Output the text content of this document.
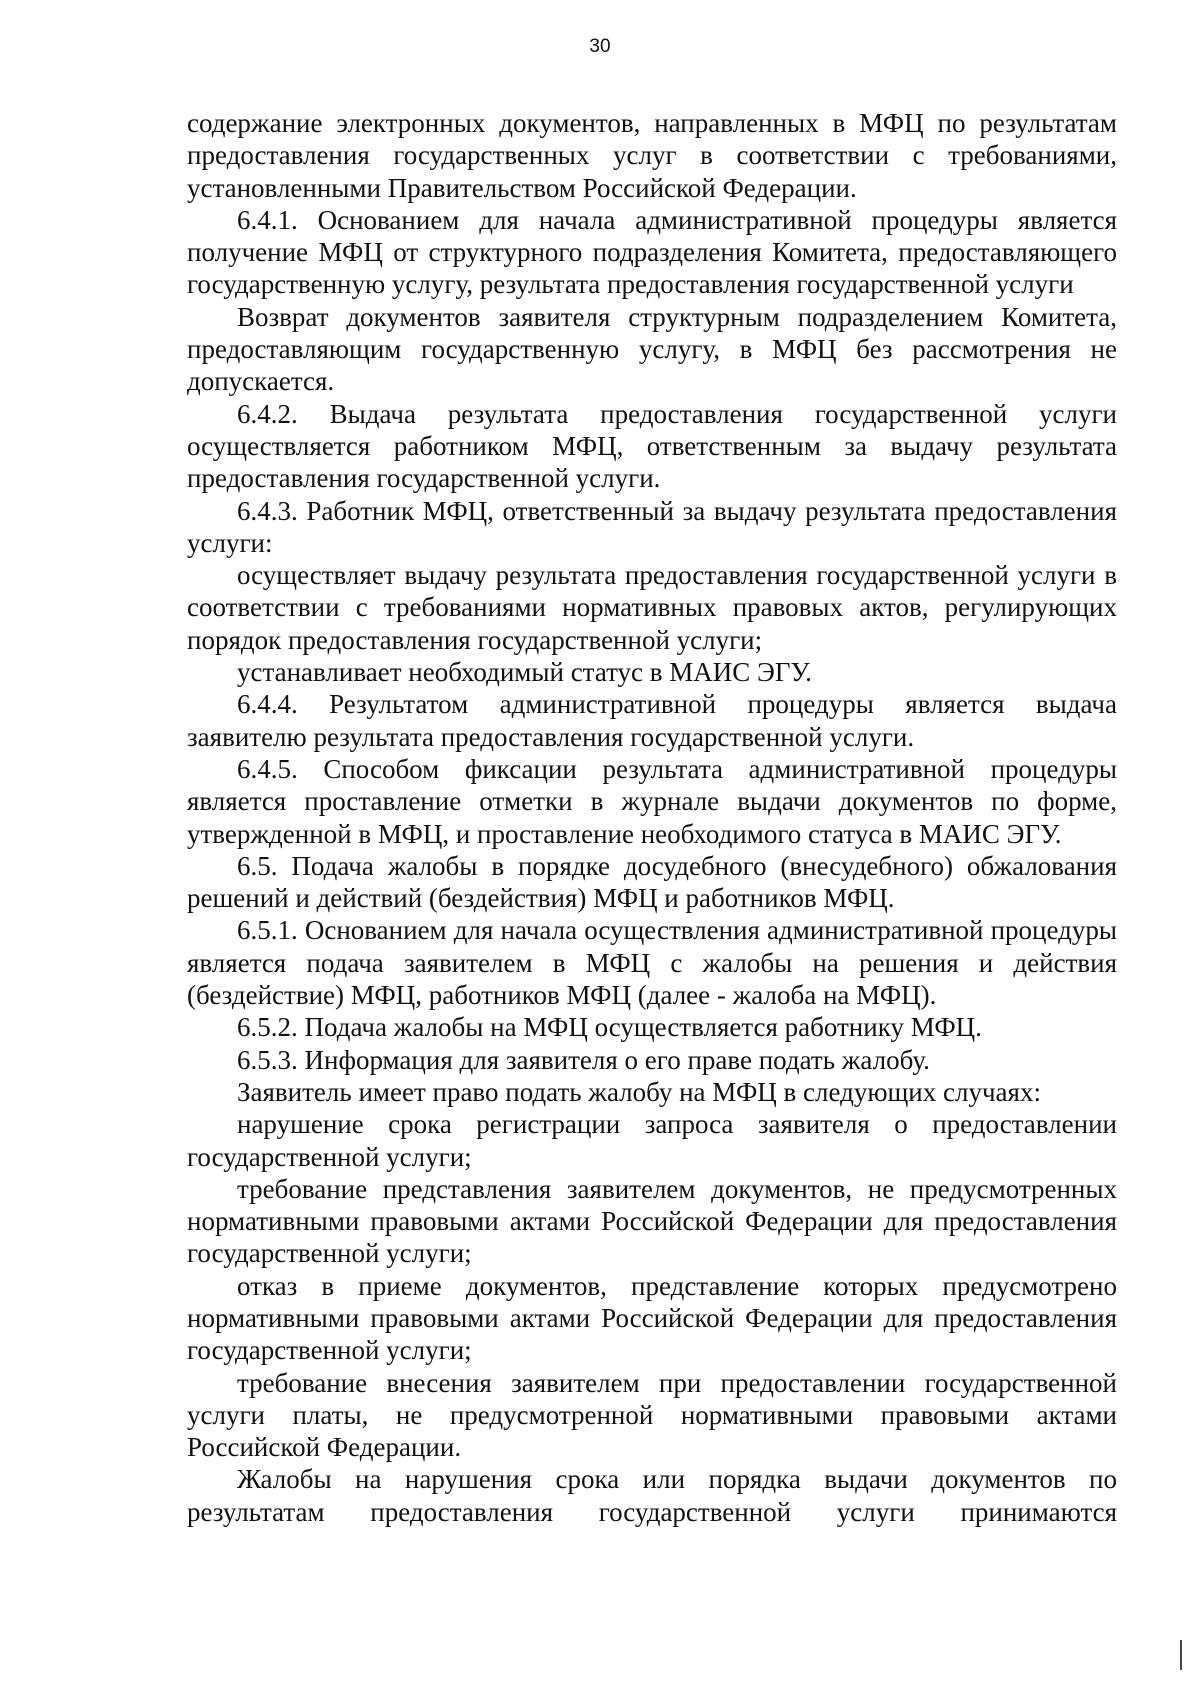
30

содержание электронных документов, направленных в МФЦ по результатам предоставления государственных услуг в соответствии с требованиями, установленными Правительством Российской Федерации.

6.4.1. Основанием для начала административной процедуры является получение МФЦ от структурного подразделения Комитета, предоставляющего государственную услугу, результата предоставления государственной услуги

Возврат документов заявителя структурным подразделением Комитета, предоставляющим государственную услугу, в МФЦ без рассмотрения не допускается.

6.4.2. Выдача результата предоставления государственной услуги осуществляется работником МФЦ, ответственным за выдачу результата предоставления государственной услуги.

6.4.3. Работник МФЦ, ответственный за выдачу результата предоставления услуги:

осуществляет выдачу результата предоставления государственной услуги в соответствии с требованиями нормативных правовых актов, регулирующих порядок предоставления государственной услуги;

устанавливает необходимый статус в МАИС ЭГУ.

6.4.4. Результатом административной процедуры является выдача заявителю результата предоставления государственной услуги.

6.4.5. Способом фиксации результата административной процедуры является проставление отметки в журнале выдачи документов по форме, утвержденной в МФЦ, и проставление необходимого статуса в МАИС ЭГУ.

6.5. Подача жалобы в порядке досудебного (внесудебного) обжалования решений и действий (бездействия) МФЦ и работников МФЦ.

6.5.1. Основанием для начала осуществления административной процедуры является подача заявителем в МФЦ с жалобы на решения и действия (бездействие) МФЦ, работников МФЦ (далее - жалоба на МФЦ).

6.5.2. Подача жалобы на МФЦ осуществляется работнику МФЦ.

6.5.3. Информация для заявителя о его праве подать жалобу.

Заявитель имеет право подать жалобу на МФЦ в следующих случаях:

нарушение срока регистрации запроса заявителя о предоставлении государственной услуги;

требование представления заявителем документов, не предусмотренных нормативными правовыми актами Российской Федерации для предоставления государственной услуги;

отказ в приеме документов, представление которых предусмотрено нормативными правовыми актами Российской Федерации для предоставления государственной услуги;

требование внесения заявителем при предоставлении государственной услуги платы, не предусмотренной нормативными правовыми актами Российской Федерации.

Жалобы на нарушения срока или порядка выдачи документов по результатам предоставления государственной услуги принимаются
